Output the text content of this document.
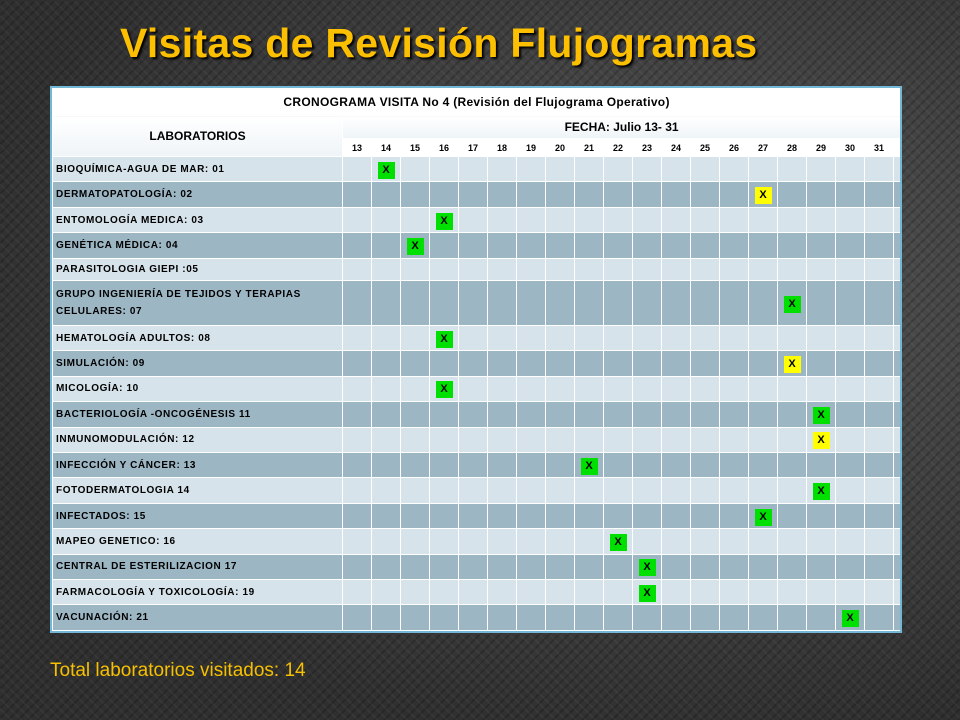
Visitas de Revisión Flujogramas
CRONOGRAMA VISITA No 4 (Revisión del Flujograma Operativo)																				
LABORATORIOS	FECHA: Julio 13- 31																			
	13	14	15	16	17	18	19	20	21	22	23	24	25	26	27	28	29	30	31	
BIOQUÍMICA-AGUA DE MAR: 01		X																		
DERMATOPATOLOGÍA: 02															X					
ENTOMOLOGÍA MEDICA: 03				X																
GENÉTICA MÉDICA: 04			X																	
PARASITOLOGIA GIEPI :05																				
GRUPO INGENIERÍA DE TEJIDOS Y TERAPIAS CELULARES: 07																X				
HEMATOLOGÍA ADULTOS: 08				X																
SIMULACIÓN: 09																X				
MICOLOGÍA: 10				X																
BACTERIOLOGÍA -ONCOGÉNESIS 11																	X			
INMUNOMODULACIÓN: 12																	X			
INFECCIÓN Y CÁNCER: 13									X											
FOTODERMATOLOGIA 14																	X			
INFECTADOS: 15															X					
MAPEO GENETICO: 16										X										
CENTRAL DE ESTERILIZACION 17											X									
FARMACOLOGÍA Y TOXICOLOGÍA: 19											X									
VACUNACIÓN: 21																		X		
Total laboratorios visitados: 14
